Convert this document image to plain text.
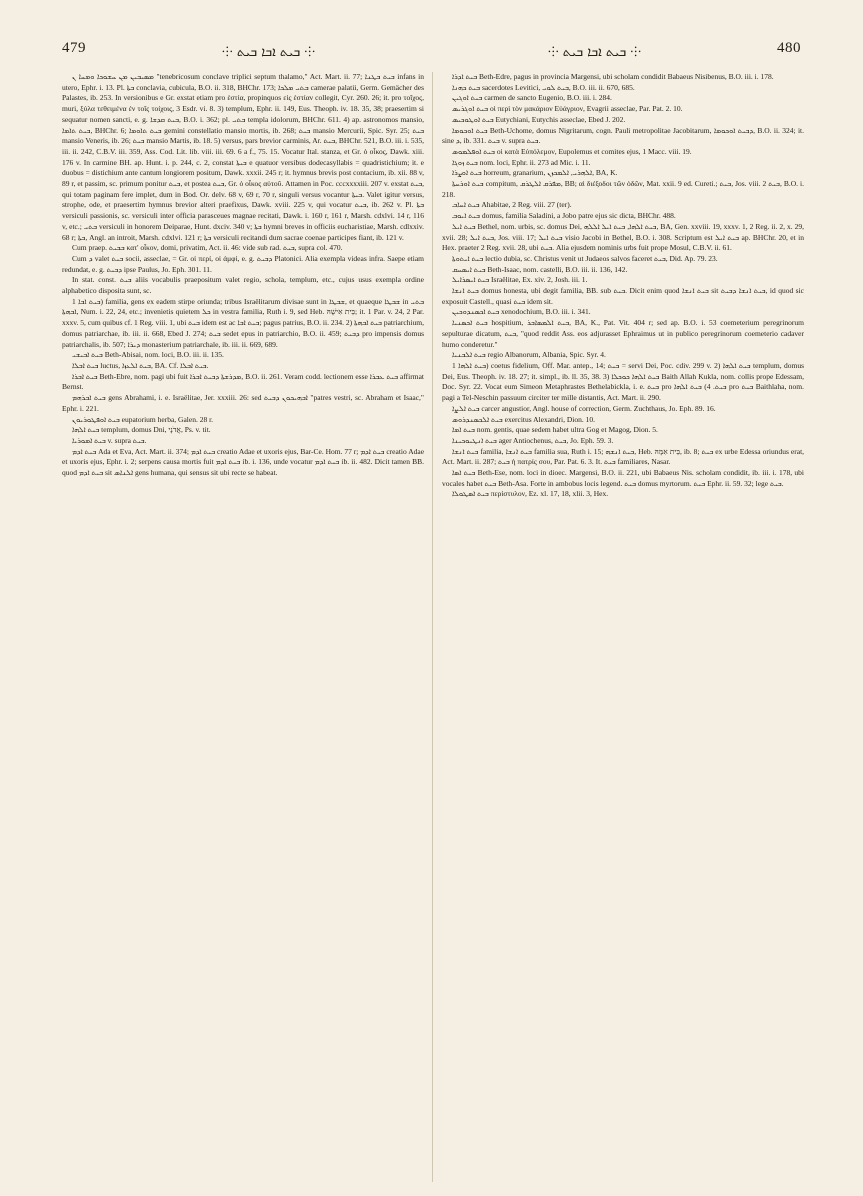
479	⸭ ܒܝܬ ܐܒܐ ܒܝܬ ⸭	⸭ ܒܝܬ ܐܒܐ ܒܝܬ ⸭	480

ܡܣܝܒܝܢ ܡܢ ܚܫܘܟܐ ܘܡܚܐ ܢ "tenebricosum conclave triplici septum thalamo," Act. Mart. ii. 77; ܒܝܬ ܒܛܢܐ infans in utero, Ephr. i. 13. Pl. ܒܬܐ conclavia, cubicula, B.O. ii. 318, BHChr. 173; ܒܬܝ ܡܠܟܐ camerae palatii, Germ. Gemächer des Palastes, ib. 253. In versionibus e Gr. exstat etiam pro ἑστία, propinquos εἰς ἑστίαν collegit, Cyr. 260. 26; it. pro τοῖχος, muri, ξύλα τεθειμένα ἐν τοῖς τοίχοις, 3 Esdr. vi. 8. 3) templum, Ephr. ii. 149, Eus. Theoph. iv. 18. 35, 38; praesertim si sequatur nomen sancti, e. g. ܒܝܬ ܩܕܫܐ, B.O. i. 362; pl. ܒܬܝ templa idolorum, BHChr. 611. 4) ap. astronomos mansio, ܒܝܬ ܬܐܡܐ, BHChr. 6; ܒܝܬ ܬܐܘܡܐ gemini constellatio mansio mortis, ib. 268; ܒܝܬ mansio Mercurii, Spic. Syr. 25; ܒܝܬ mansio Veneris, ib. 26; ܒܝܬ mansio Martis, ib. 18. 5) versus, pars brevior carminis, Ar. ܒܝܬ, BHChr. 521, B.O. iii. i. 535, iii. ii. 242, C.B.V. iii. 359, Ass. Cod. Lit. lib. viii. iii. 69. 6 a f., 75. 15. Vocatur Ital. stanza, et Gr. ὁ οἶκος, Dawk. xiii. 176 v. In carmine BH. ap. Hunt. i. p. 244, c. 2, constat ܒܝܬܐ e quatuor versibus dodecasyllabis = quadristichium; it. e duobus = distichium ante cantum longiorem positum, Dawk. xxxii. 245 r; it. hymnus brevis post contacium, ib. xii. 88 v, 89 r, et passim, sc. primum ponitur ܒܝܬ, et postea ܒܝܬ, Gr. ὁ οἶκος αὐτοῦ. Attamen in Poc. cccxxxxiii. 207 v. exstat ܒܝܬ, qui totam paginam fere implet, dum in Bod. Or. delv. 68 v, 69 r, 70 r, singuli versus vocantur ܒܝܬܐ. Valet igitur versus, strophe, ode, et praesertim hymnus brevior alteri praefixus, Dawk. xviii. 225 v, qui vocatur ܒܝܬ, ib. 262 v. Pl. ܒܬܐ versiculi passionis, sc. versiculi inter officia parasceues magnae recitati, Dawk. i. 160 r, 161 r, Marsh. cdxlvi. 14 r, 116 v, etc.; ܒܬܝ versiculi in honorem Deiparae, Hunt. dxciv. 340 v; ܒܬܐ hymni breves in officiis eucharistiae, Marsh. cdlxxiv. 68 r; ܒܬܐ, Angl. an introit, Marsh. cdxlvi. 121 r; ܒܬܐ versiculi recitandi dum sacrae coenae participes fiant, ib. 121 v.

Cum praep. ܒܒܝܬ κατ' οἶκον, domi, privatim, Act. ii. 46: vide sub rad. ܒܝܬ, supra col. 470.

Cum ܕ valet ܒܝܬ socii, asseclae, = Gr. οἱ περί, οἱ ἀμφί, e. g. ܕܒܝܬ Platonici. Alia exempla videas infra. Saepe etiam redundat, e. g. ܕܒܝܬ ipse Paulus, Jo. Eph. 301. 11.

In stat. const. ܒܝܬ aliis vocabulis praepositum valet regio, schola, templum, etc., cujus usus exempla ordine alphabetico disposita sunt, sc.

ܒܝܬ ܐܒܐ 1) familia, gens ex eadem stirpe oriunda; tribus Israëlitarum divisae sunt in ܫܒܛܐ, et quaeque ܫܒܛܐ in ܒܬܝ ܐܒܗܬܐ, Num. i. 22, 24, etc.; invenietis quietem ܟܠ in vestra familia, Ruth i. 9, sed Heb. בֵּית אִישָׁהּ; it. 1 Par. v. 24, 2 Par. xxxv. 5, cum quibus cf. 1 Reg. viii. 1, ubi ܒܝܬ idem est ac ܒܝܬ ܐܒܐ; pagus patrius, B.O. ii. 234. 2) ܒܝܬ ܐܒܗܬܐ patriarchium, domus patriarchae, ib. iii. ii. 668, Ebed J. 274; ܒܝܬ sedet epus in patriarchio, B.O. ii. 459; ܕܒܝܬ pro impensis domus patriarchalis, ib. 507; ܕܝܪܐ monasterium patriarchale, ib. iii. ii. 669, 689.

ܒܝܬ ܐܒܝܫܝ Beth-Abisai, nom. loci, B.O. iii. ii. 135.

ܒܝܬ ܐܒܠܐ luctus, ܒܝܬ ܐܠܥܙܐ, BA. Cf. ܒܝܬ ܐܒܠܐ.

ܒܝܬ ܐܒܪܐ Beth-Ebre, nom. pagi ubi fuit ܡܕܪܫܬܐ ܕܒܝܬ ܐܒܪܐ, B.O. ii. 261. Veram codd. lectionem esse ܒܝܬ ܥܒܪܐ affirmat Bernst.

ܒܝܬ ܐܒܪܗܡ gens Abrahami, i. e. Israëlitae, Jer. xxxiii. 26: sed ܐܒܗܝܟܘܢ ܕܒܝܬ "patres vestri, sc. Abraham et Isaac," Ephr. i. 221.

ܒܝܬ ܐܘܦܛܘܪܝܘܢ eupatorium herba, Galen. 28 r.

ܒܝܬ ܐܠܗܐ templum, domus Dni, אֲדֹנָי, Ps. v. tit.

ܒܝܬ ܐܡܘܪܝܐ v. supra ܒܝܬ.

ܒܝܬ ܐܕܡ Ada et Eva, Act. Mart. ii. 374; ܒܝܬ ܐܕܡ creatio Adae et uxoris ejus, Bar-Ce. Hom. 77 r; ܒܝܬ ܐܕܡ creatio Adae et uxoris ejus, Ephr. i. 2; serpens causa mortis fuit ܒܝܬ ܐܕܡ ib. i. 136, unde vocatur ܒܝܬ ܐܕܡ ib. ii. 482. Dicit tamen BB. quod ܒܝܬ ܐܕܡ sit ܐܠܢܐܣ gens humana, qui sensus sit ubi recte se habeat.

ܒܝܬ ܐܕܪܐ Beth-Edre, pagus in provincia Margensi, ubi scholam condidit Babaeus Nisibenus, B.O. iii. i. 178.

ܒܝܬ ܟܗܢܐ sacerdotes Levitici, ܒܝܬ ܠܘܝ, B.O. iii. ii. 670, 685.

ܒܝܬ ܐܘܓܝܢ carmen de sancto Eugenio, B.O. iii. i. 284.

ܒܝܬ ܐܘܓܪܝܣ οἱ περὶ τὸν μακάριον Εὐάγριον, Evagrii asseclae, Par. Pat. 2. 10.

ܒܝܬ ܐܘܛܘܟܝܣ Eutychiani, Eutychis asseclae, Ebed J. 202.

ܒܝܬ ܐܘܟܘܡܐ Beth-Uchome, domus Nigritarum, cogn. Pauli metropolitae Jacobitarum, ܕܒܝܬ ܐܘܟܘܡܐ, B.O. ii. 324; it. sine ܕ, ib. 331. ܒܝܬ v. supra ܒܝܬ.

ܒܝܬ ܐܘܦܠܡܘܣ οἱ κατὰ Εὐπόλεμον, Eupolemus et comites ejus, 1 Macc. viii. 19.

ܒܝܬ ܙܘܓܐ nom. loci, Ephr. ii. 273 ad Mic. i. 11.

ܒܝܬ ܐܘܨܪܐ horreum, granarium, ܐܠܗܪܝ, ܐܠܡܟܙܢ, BA, K.

ܒܝܬ ܐܘܪܚܬܐ compitum, ܡܦܪܩ ܐܠܛܪܩ, BB; αἱ διέξοδοι τῶν ὁδῶν, Mat. xxii. 9 ed. Cureti.; ܒܝܬ, Jos. viii. 2 ܒܝܬ, B.O. i. 218.

ܒܝܬ ܐܚܐܒ Ahabitae, 2 Reg. viii. 27 (ter).

ܒܝܬ ܐܝܘܒ domus, familia Saladini, a Jobo patre ejus sic dicta, BHChr. 488.

ܒܝܬ ܐܝܠ Bethel, nom. urbis, sc. domus Dei, ܒܝܬ ܐܠܗܐ, ܒܝܬ ܐܝܠ ܐܠܠܗ, BA, Gen. xxviii. 19, xxxv. 1, 2 Reg. ii. 2, x. 29, xvii. 28; ܒܝܬ ܐܝܠ, Jos. viii. 17; ܒܝܬ ܐܝܠ visio Jacobi in Bethel, B.O. i. 308. Scriptum est ܒܝܬ ܐܝܠ ap. BHChr. 20, et in Hex. praeter 2 Reg. xvii. 28, ubi ܒܝܬ. Alia ejusdem nominis urbs fuit prope Mosul, C.B.V. ii. 61.

ܒܝܬ ܐܝܬܘܬܐ lectio dubia, sc. Christus venit ut Judaeos salvos faceret ܒܝܬ, Did. Ap. 79. 23.

ܒܝܬ ܐܝܣܚܩ Beth-Isaac, nom. castelli, B.O. iii. ii. 136, 142.

ܒܝܬ ܐܝܣܪܐܝܠ Israëlitae, Ex. xiv. 2, Josh. iii. 1.

ܒܝܬ ܐܢܫܐ domus honesta, ubi degit familia, BB. sub ܒܝܬ. Dicit enim quod ܒܝܬ ܐܢܫܐ sit ܒܝܬ ܐܢܫܐ ܕܒܝܬ, id quod sic exposuit Castell., quasi ܒܝܬ idem sit.

ܒܝܬ ܐܟܣܢܕܘܟܝܢ xenodochium, B.O. iii. i. 341.

ܒܝܬ ܐܟܣܢܝܐ hospitium, ܒܝܬ ܐܠܡܣܐܒܪ, BA, K., Pat. Vit. 404 r; sed ap. B.O. i. 53 coemeterium peregrinorum sepulturae dicatum, ܒܝܬ, "quod reddit Ass. eos adjurasset Ephraimus ut in publico peregrinorum coemeterio cadaver humo conderetur."

ܒܝܬ ܐܠܒܢܝܐ regio Albanorum, Albania, Spic. Syr. 4.

ܒܝܬ ܐܠܗܐ 1) coetus fidelium, Off. Mar. antep., 14; ܒܝܬ = servi Dei, Poc. cdiv. 299 v. 2) ܒܝܬ ܐܠܗܐ templum, domus Dei, Eus. Theoph. iv. 18. 27; it. simpl., ib. ll. 35, 38. 3) ܒܝܬ ܐܠܗܐ ܟܘܟܠܐ Baith Allah Kukla, nom. collis prope Edessam, Doc. Syr. 22. Vocat eum Simeon Metaphrastes Bethelabickla, i. e. ܒܝܬ pro ܒܝܬ. 4) ܒܝܬ ܐܠܗܐ pro ܒܝܬ Baithlaha, nom. pagi a Tel-Neschin passuum circiter ter mille distantis, Act. Mart. ii. 290.

ܒܝܬ ܐܠܨܐ carcer angustior, Angl. house of correction, Germ. Zuchthaus, Jo. Eph. 89. 16.

ܒܝܬ ܐܠܟܣܢܕܪܘܣ exercitus Alexandri, Dion. 10.

ܒܝܬ ܐܡܐ nom. gentis, quae sedem habet ultra Gog et Magog, Dion. 5.

ܒܝܬ ܐܢܛܝܘܟܝܢܐ ager Antiochenus, ܒܝܬ, Jo. Eph. 59. 3.

ܒܝܬ ܐܢܫܐ familia, ܒܝܬ ܐܢܫܐ familia sua, Ruth i. 15; ܒܝܬ ܐܢܫܗ, Heb. בֵּית אִמָּהּ, ib. 8; ܒܝܬ ex urbe Edessa oriundus erat, Act. Mart. ii. 287; ܒܝܬ ἡ πατρίς σου, Par. Pat. 6. 3. It. ܒܝܬ familiares, Nasar.

ܒܝܬ ܐܣܐ Beth-Ese, nom. loci in dioec. Margensi, B.O. ii. 221, ubi Babaeus Nis. scholam condidit, ib. iii. i. 178, ubi vocales habet ܒܝܬ Beth-Asa. Forte in ambobus locis legend. ܒܝܬ domus myrtorum. ܒܝܬ Ephr. ii. 59. 32; lege ܒܝܬ.

ܒܝܬ ܐܣܛܘܠܐ περίστυλον, Ez. xl. 17, 18, xlii. 3, Hex.
